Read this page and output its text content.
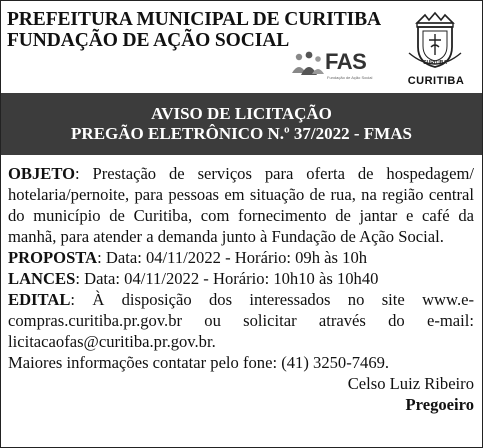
PREFEITURA MUNICIPAL DE CURITIBA
FUNDAÇÃO DE AÇÃO SOCIAL
FAS
Fundação de Ação Social
CURITIBA
CURITIBA
AVISO DE LICITAÇÃO
PREGÃO ELETRÔNICO N.º 37/2022 - FMAS

OBJETO: Prestação de serviços para oferta de hospedagem/ hotelaria/pernoite, para pessoas em situação de rua, na região central do município de Curitiba, com fornecimento de jantar e café da manhã, para atender a demanda junto à Fundação de Ação Social.

PROPOSTA: Data: 04/11/2022 - Horário: 09h às 10h

LANCES: Data: 04/11/2022 - Horário: 10h10 às 10h40

EDITAL: À disposição dos interessados no site www.e-compras.curitiba.pr.gov.br ou solicitar através do e-mail: licitacaofas@curitiba.pr.gov.br.

Maiores informações contatar pelo fone: (41) 3250-7469.

Celso Luiz Ribeiro

Pregoeiro
